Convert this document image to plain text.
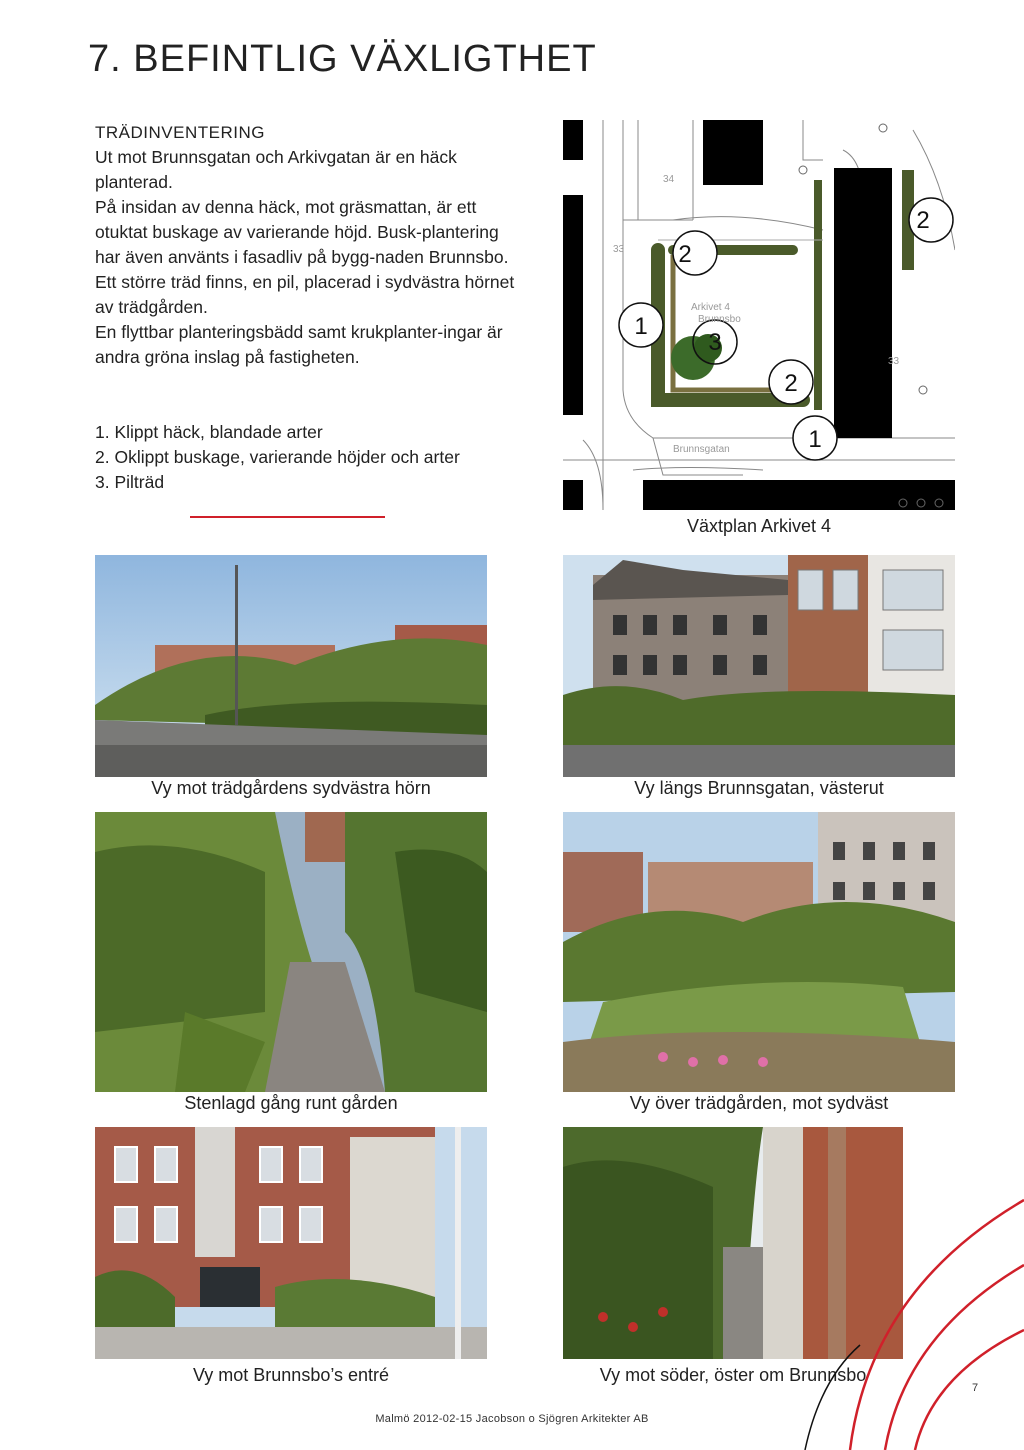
7. BEFINTLIG VÄXLIGTHET

TRÄDINVENTERING

Ut mot Brunnsgatan och Arkivgatan är en häck planterad.

På insidan av denna häck, mot gräsmattan, är ett otuktat buskage av varierande höjd. Busk-plantering har även använts i fasadliv på bygg-naden Brunnsbo.

Ett större träd finns, en pil, placerad i sydvästra hörnet av trädgården.

En flyttbar planteringsbädd samt krukplanter-ingar är andra gröna inslag på fastigheten.

1. Klippt häck, blandade arter

2. Oklippt buskage, varierande höjder och arter

3. Pilträd

2
2
1
3
2
1
Brunnsgatan
Arkivet 4
Brunnsbo
34
33
33
Växtplan Arkivet 4
Vy mot trädgårdens sydvästra hörn	Vy längs Brunnsgatan, västerut
Stenlagd gång runt gården	Vy över trädgården, mot sydväst
Vy mot Brunnsbo’s entré	Vy mot söder, öster om Brunnsbo
7
Malmö 2012-02-15 Jacobson o Sjögren Arkitekter AB
